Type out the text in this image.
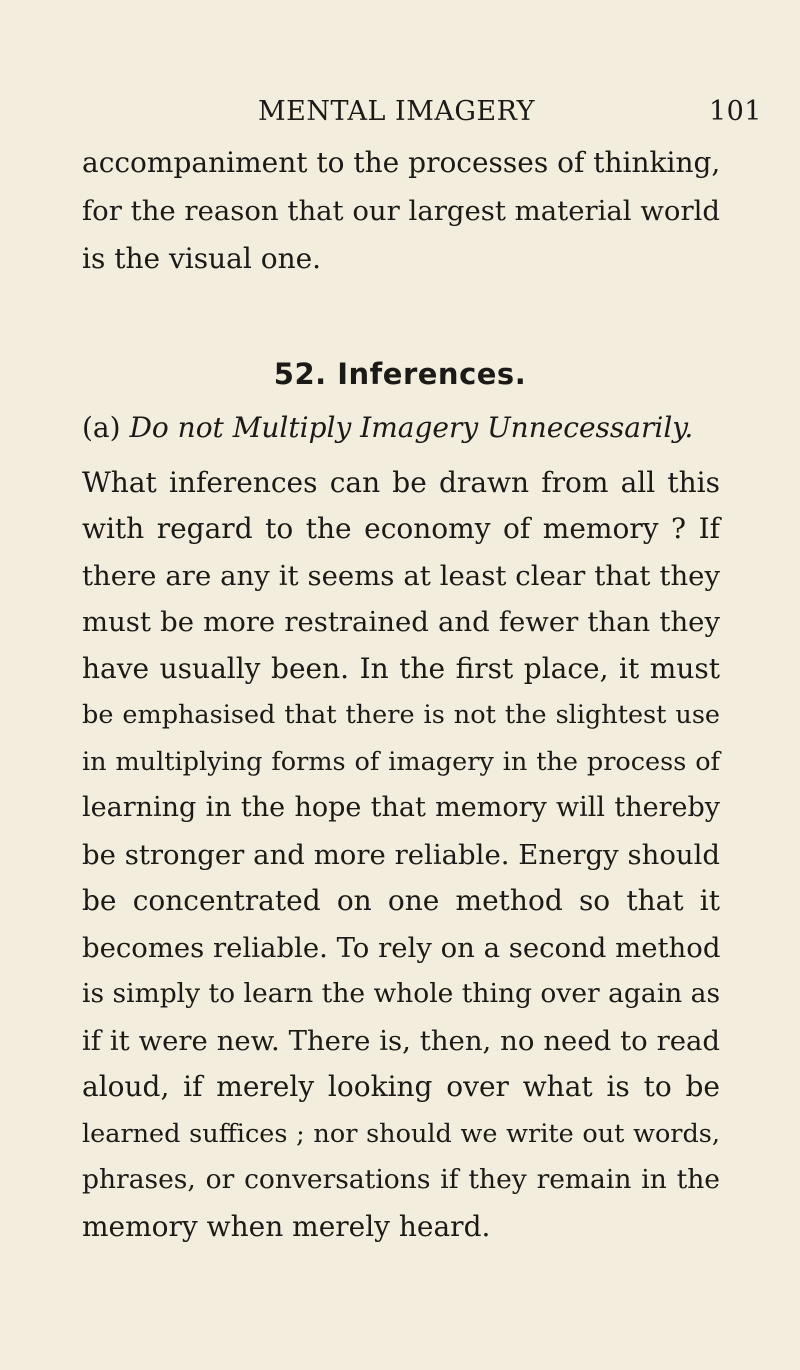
MENTAL IMAGERY	101
accompaniment to the processes of thinking,
for the reason that our largest material world
is the visual one.
52. Inferences.
(a) Do not Multiply Imagery Unnecessarily.
What inferences can be drawn from all this
with regard to the economy of memory ? If
there are any it seems at least clear that they
must be more restrained and fewer than they
have usually been. In the first place, it must
be emphasised that there is not the slightest use
in multiplying forms of imagery in the process of
learning in the hope that memory will thereby
be stronger and more reliable. Energy should
be concentrated on one method so that it
becomes reliable. To rely on a second method
is simply to learn the whole thing over again as
if it were new. There is, then, no need to read
aloud, if merely looking over what is to be
learned suffices ; nor should we write out words,
phrases, or conversations if they remain in the
memory when merely heard.
